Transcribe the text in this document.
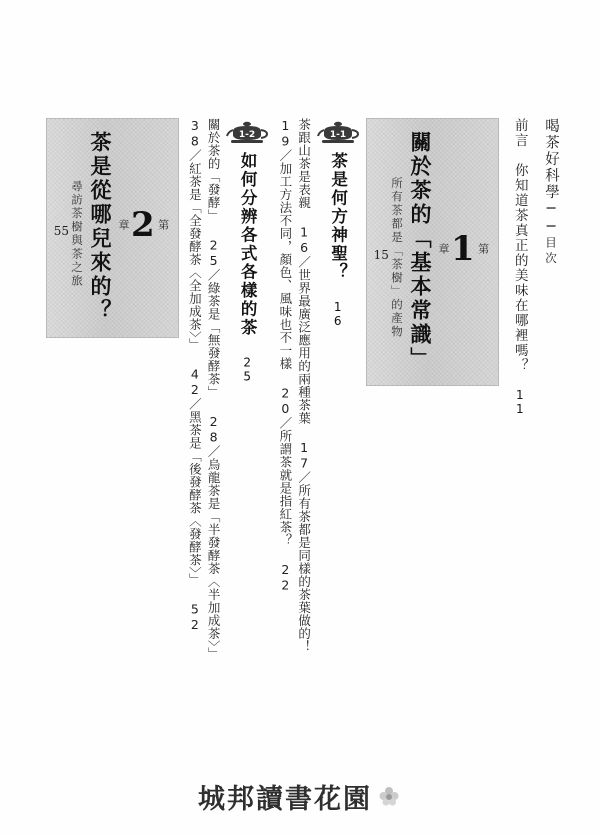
喝茶好科學──目次
前言　你知道茶真正的美味在哪裡嗎？　11
第
1
章
關於茶的「基本常識」
所有茶都是「茶樹」的產物
15
1-1
茶是何方神聖？　16
茶跟山茶是表親 16／世界最廣泛應用的兩種茶葉 17／所有茶都是同樣的茶葉做的！ 19／加工方法不同，顏色、風味也不一樣 20／所謂茶就是指紅茶？ 22
1-2
如何分辨各式各樣的茶　25
關於茶的「發酵」 25／綠茶是「無發酵茶」 28／烏龍茶是「半發酵茶〈半加成茶〉」 38／紅茶是「全發酵茶〈全加成茶〉」 42／黑茶是「後發酵茶〈發酵茶〉」 52
第
2
章
茶是從哪兒來的？
尋訪茶樹與茶之旅
55
城邦讀書花園
